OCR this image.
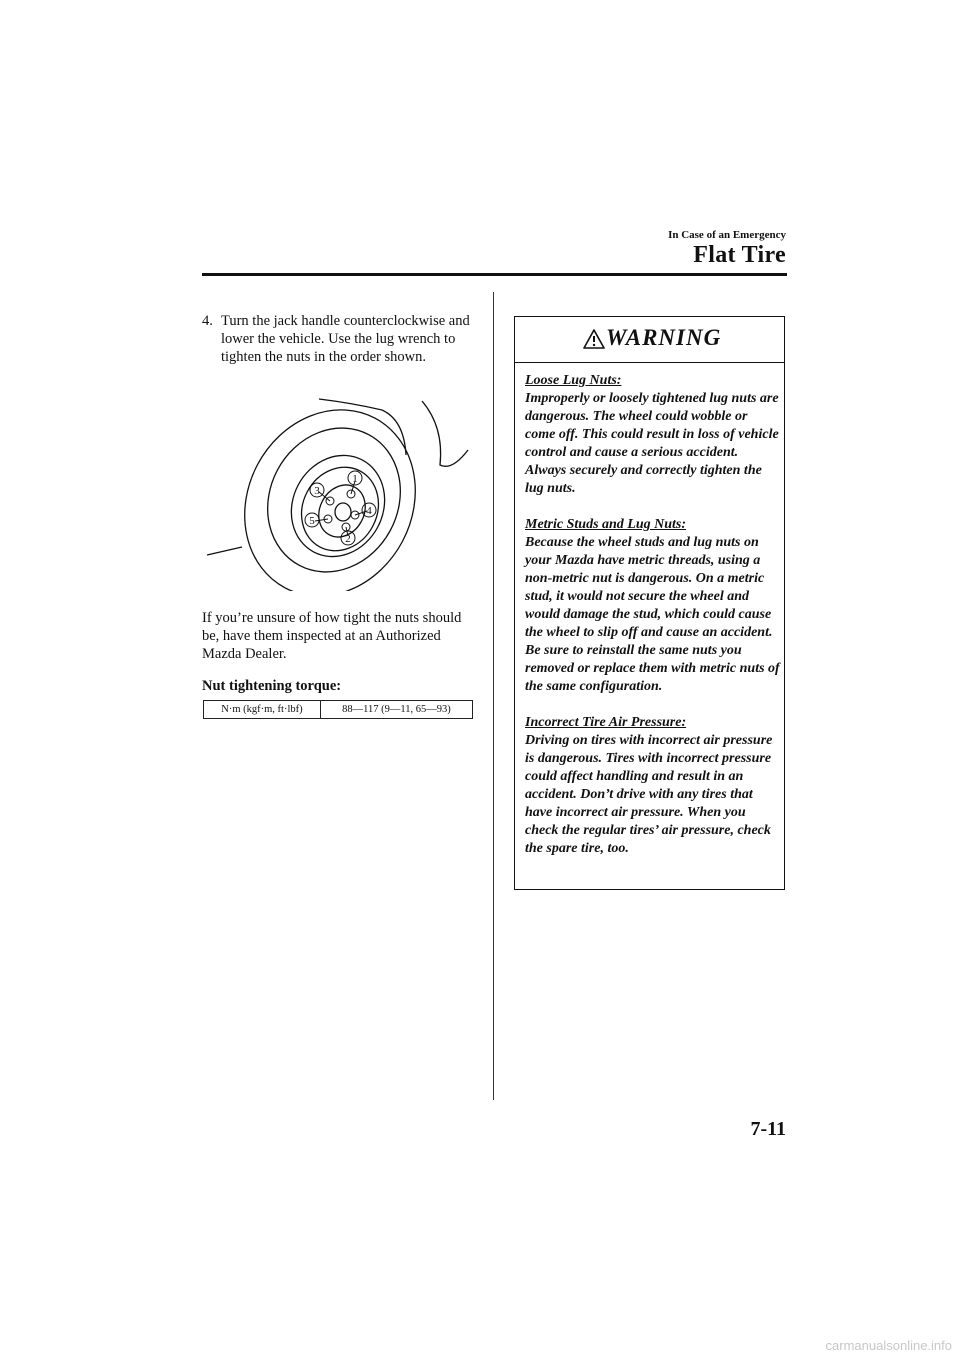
In Case of an Emergency
Flat Tire
4. Turn the jack handle counterclockwise and lower the vehicle. Use the lug wrench to tighten the nuts in the order shown.
1
3
4
5
2
If you’re unsure of how tight the nuts should be, have them inspected at an Authorized Mazda Dealer.
Nut tightening torque:
N·m (kgf·m, ft·lbf)	88—117 (9—11, 65—93)
WARNING
Loose Lug Nuts:
Improperly or loosely tightened lug nuts are dangerous. The wheel could wobble or come off. This could result in loss of vehicle control and cause a serious accident. Always securely and correctly tighten the lug nuts.
Metric Studs and Lug Nuts:
Because the wheel studs and lug nuts on your Mazda have metric threads, using a non-metric nut is dangerous. On a metric stud, it would not secure the wheel and would damage the stud, which could cause the wheel to slip off and cause an accident. Be sure to reinstall the same nuts you removed or replace them with metric nuts of the same configuration.
Incorrect Tire Air Pressure:
Driving on tires with incorrect air pressure is dangerous. Tires with incorrect pressure could affect handling and result in an accident. Don’t drive with any tires that have incorrect air pressure. When you check the regular tires’ air pressure, check the spare tire, too.
7-11
carmanualsonline.info
